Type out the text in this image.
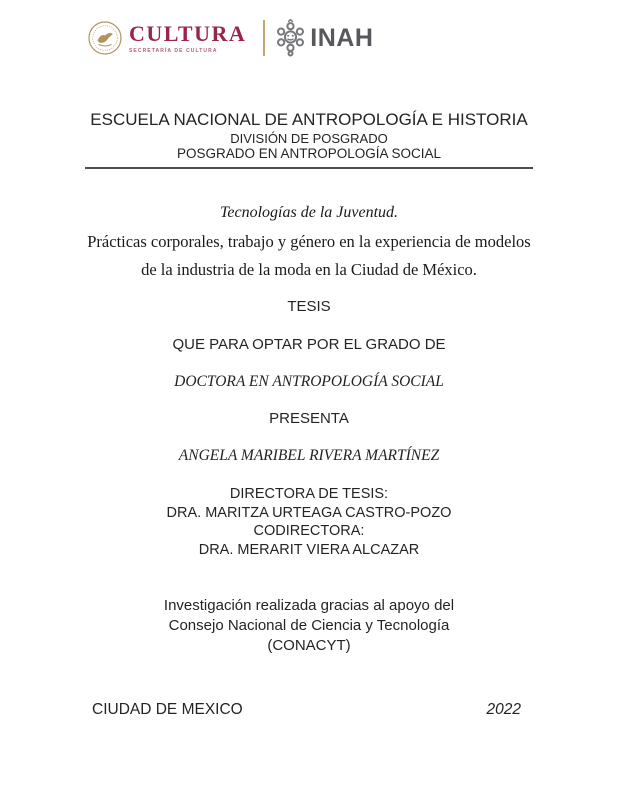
CULTURA
SECRETARÍA DE CULTURA	INAH
ESCUELA NACIONAL DE ANTROPOLOGÍA E HISTORIA
DIVISIÓN DE POSGRADO
POSGRADO EN ANTROPOLOGÍA SOCIAL
Tecnologías de la Juventud.
Prácticas corporales, trabajo y género en la experiencia de modelos
de la industria de la moda en la Ciudad de México.
TESIS
QUE PARA OPTAR POR EL GRADO DE
DOCTORA EN ANTROPOLOGÍA SOCIAL
PRESENTA
ANGELA MARIBEL RIVERA MARTÍNEZ
DIRECTORA DE TESIS:
DRA. MARITZA URTEAGA CASTRO-POZO
CODIRECTORA:
DRA. MERARIT VIERA ALCAZAR
Investigación realizada gracias al apoyo del
Consejo Nacional de Ciencia y Tecnología
(CONACYT)
CIUDAD DE MEXICO	2022
